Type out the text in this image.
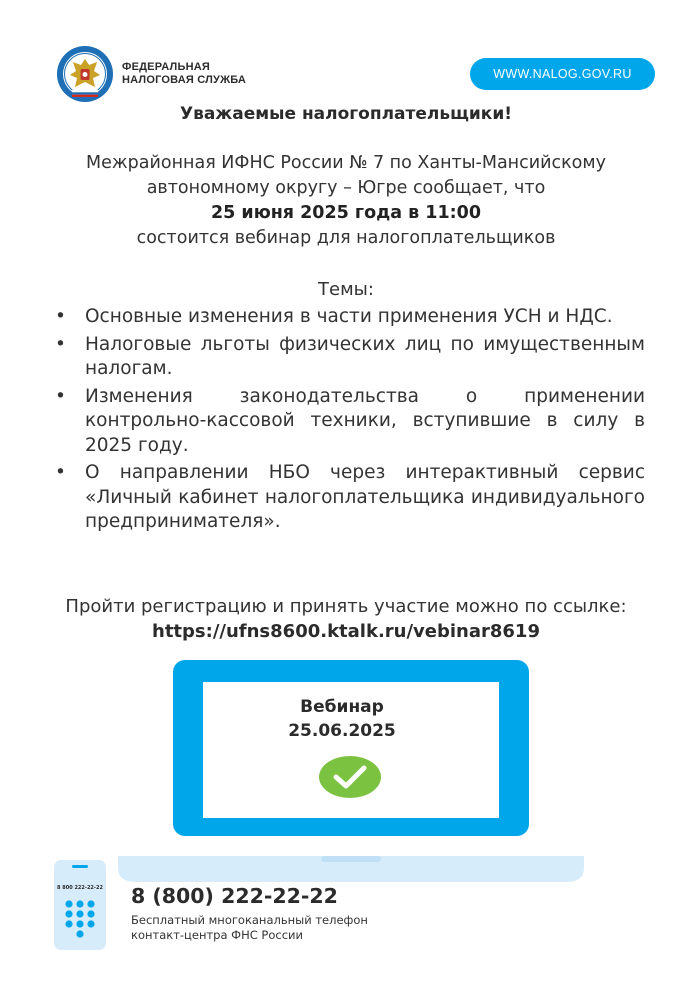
ФЕДЕРАЛЬНАЯ
НАЛОГОВАЯ СЛУЖБА	WWW.NALOG.GOV.RU
Уважаемые налогоплательщики!
Межрайонная ИФНС России № 7 по Ханты-Мансийскому
автономному округу – Югре сообщает, что
25 июня 2025 года в 11:00
состоится вебинар для налогоплательщиков
Темы:
• Основные изменения в части применения УСН и НДС.
• Налоговые льготы физических лиц по имущественным налогам.
• Изменения законодательства о применении контрольно-кассовой техники, вступившие в силу в 2025 году.
• О направлении НБО через интерактивный сервис «Личный кабинет налогоплательщика индивидуального предпринимателя».
Пройти регистрацию и принять участие можно по ссылке:
https://ufns8600.ktalk.ru/vebinar8619
Вебинар
25.06.2025
8 800 222-22-22 8 (800) 222-22-22
Бесплатный многоканальный телефон
контакт-центра ФНС России
